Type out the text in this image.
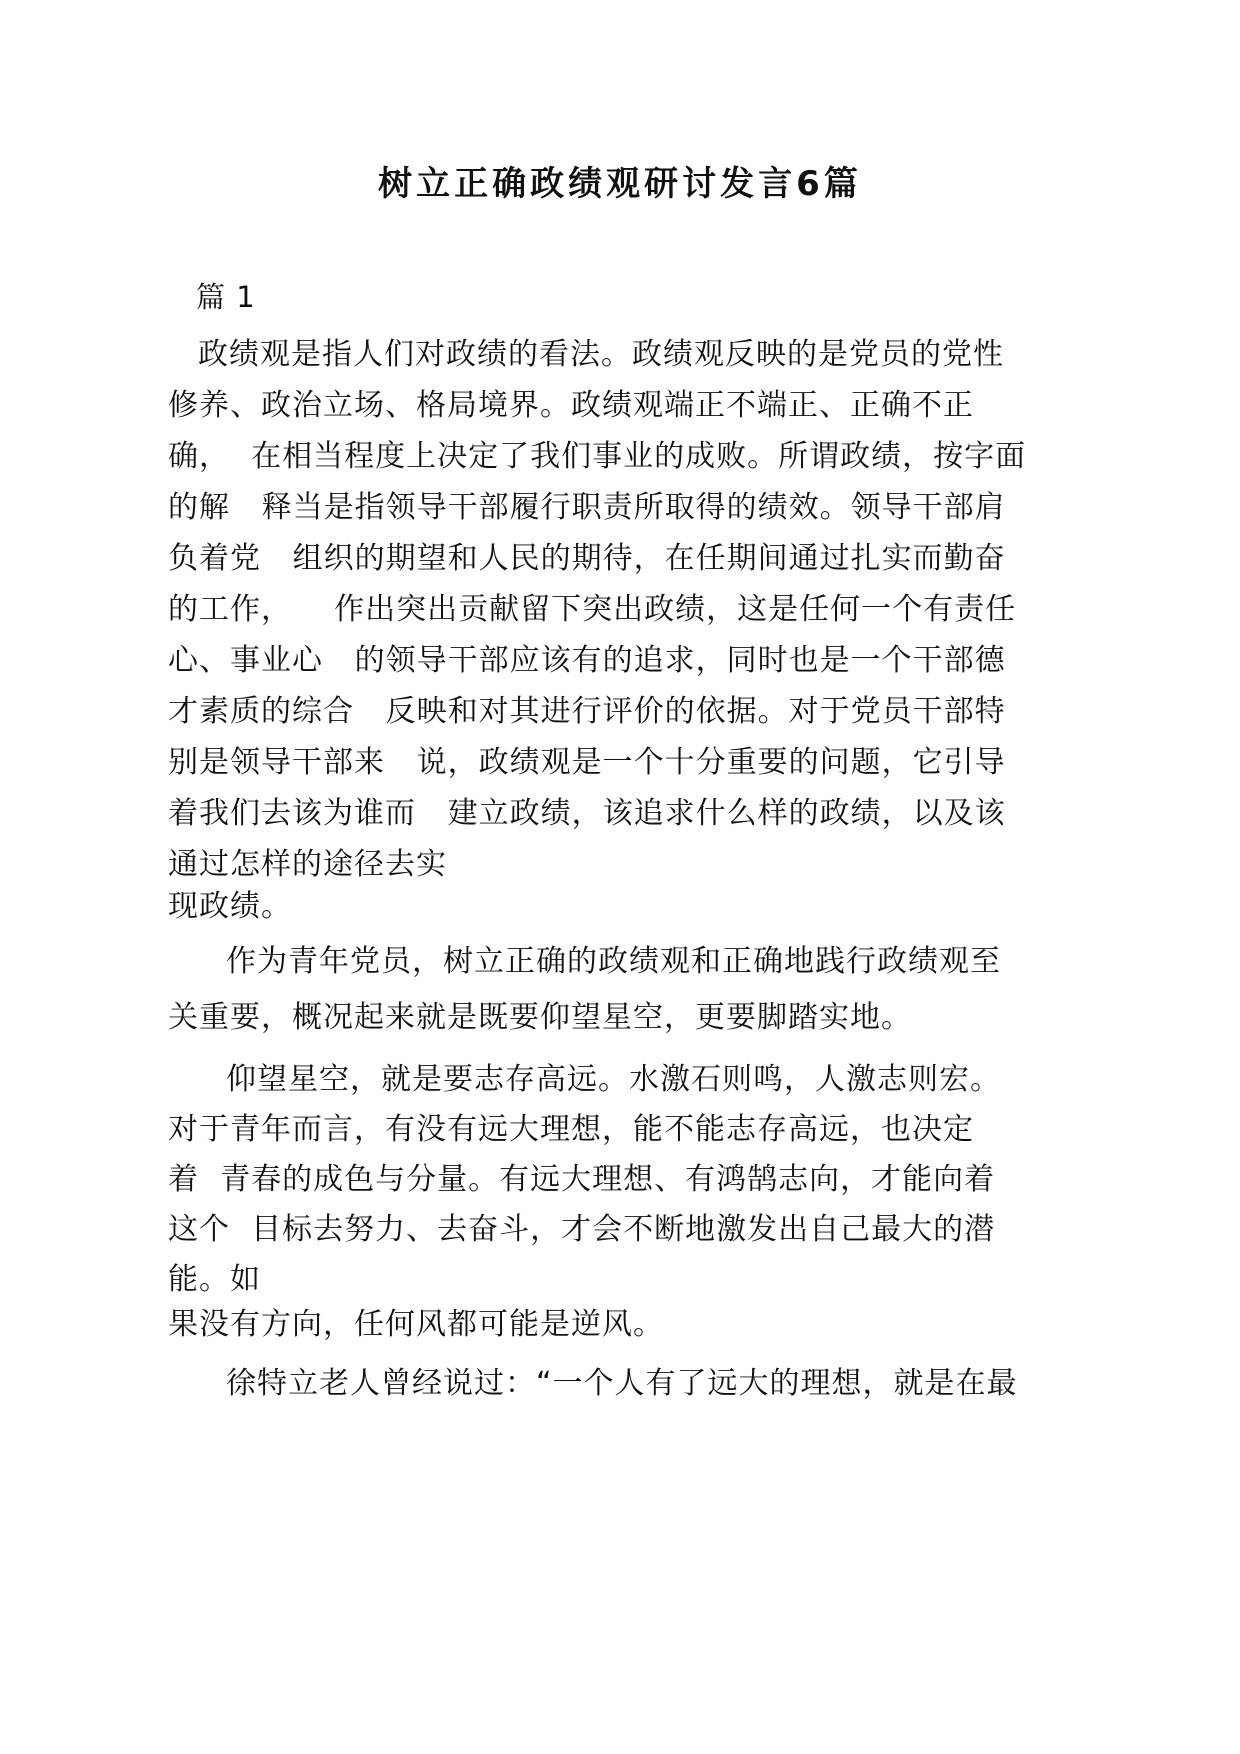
树立正确政绩观研讨发言6篇
篇 1
政绩观是指人们对政绩的看法。政绩观反映的是党员的党性
修养、政治立场、格局境界。政绩观端正不端正、正确不正
确，  在相当程度上决定了我们事业的成败。所谓政绩，按字面
的解   释当是指领导干部履行职责所取得的绩效。领导干部肩
负着党   组织的期望和人民的期待，在任期间通过扎实而勤奋
的工作，    作出突出贡献留下突出政绩，这是任何一个有责任
心、事业心   的领导干部应该有的追求，同时也是一个干部德
才素质的综合   反映和对其进行评价的依据。对于党员干部特
别是领导干部来   说，政绩观是一个十分重要的问题，它引导
着我们去该为谁而   建立政绩，该追求什么样的政绩，以及该
通过怎样的途径去实
现政绩。
作为青年党员，树立正确的政绩观和正确地践行政绩观至
关重要，概况起来就是既要仰望星空，更要脚踏实地。
仰望星空，就是要志存高远。水激石则鸣，人激志则宏。
对于青年而言，有没有远大理想，能不能志存高远，也决定
着  青春的成色与分量。有远大理想、有鸿鹄志向，才能向着
这个  目标去努力、去奋斗，才会不断地激发出自己最大的潜
能。如
果没有方向，任何风都可能是逆风。
徐特立老人曾经说过：“一个人有了远大的理想，就是在最
